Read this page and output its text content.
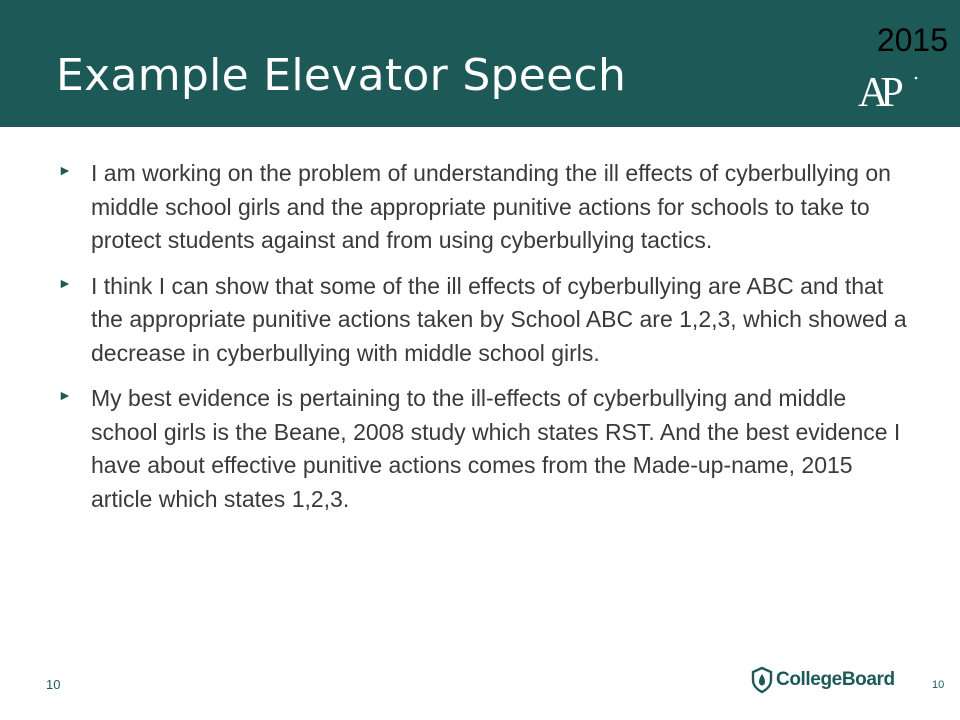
2015
Example Elevator Speech	AP
► I am working on the problem of understanding the ill effects of cyberbullying on middle school girls and the appropriate punitive actions for schools to take to protect students against and from using cyberbullying tactics.
► I think I can show that some of the ill effects of cyberbullying are ABC and that the appropriate punitive actions taken by School ABC are 1,2,3, which showed a decrease in cyberbullying with middle school girls.
► My best evidence is pertaining to the ill-effects of cyberbullying and middle school girls is the Beane, 2008 study which states RST. And the best evidence I have about effective punitive actions comes from the Made-up-name, 2015 article which states 1,2,3.
10	CollegeBoard	10
